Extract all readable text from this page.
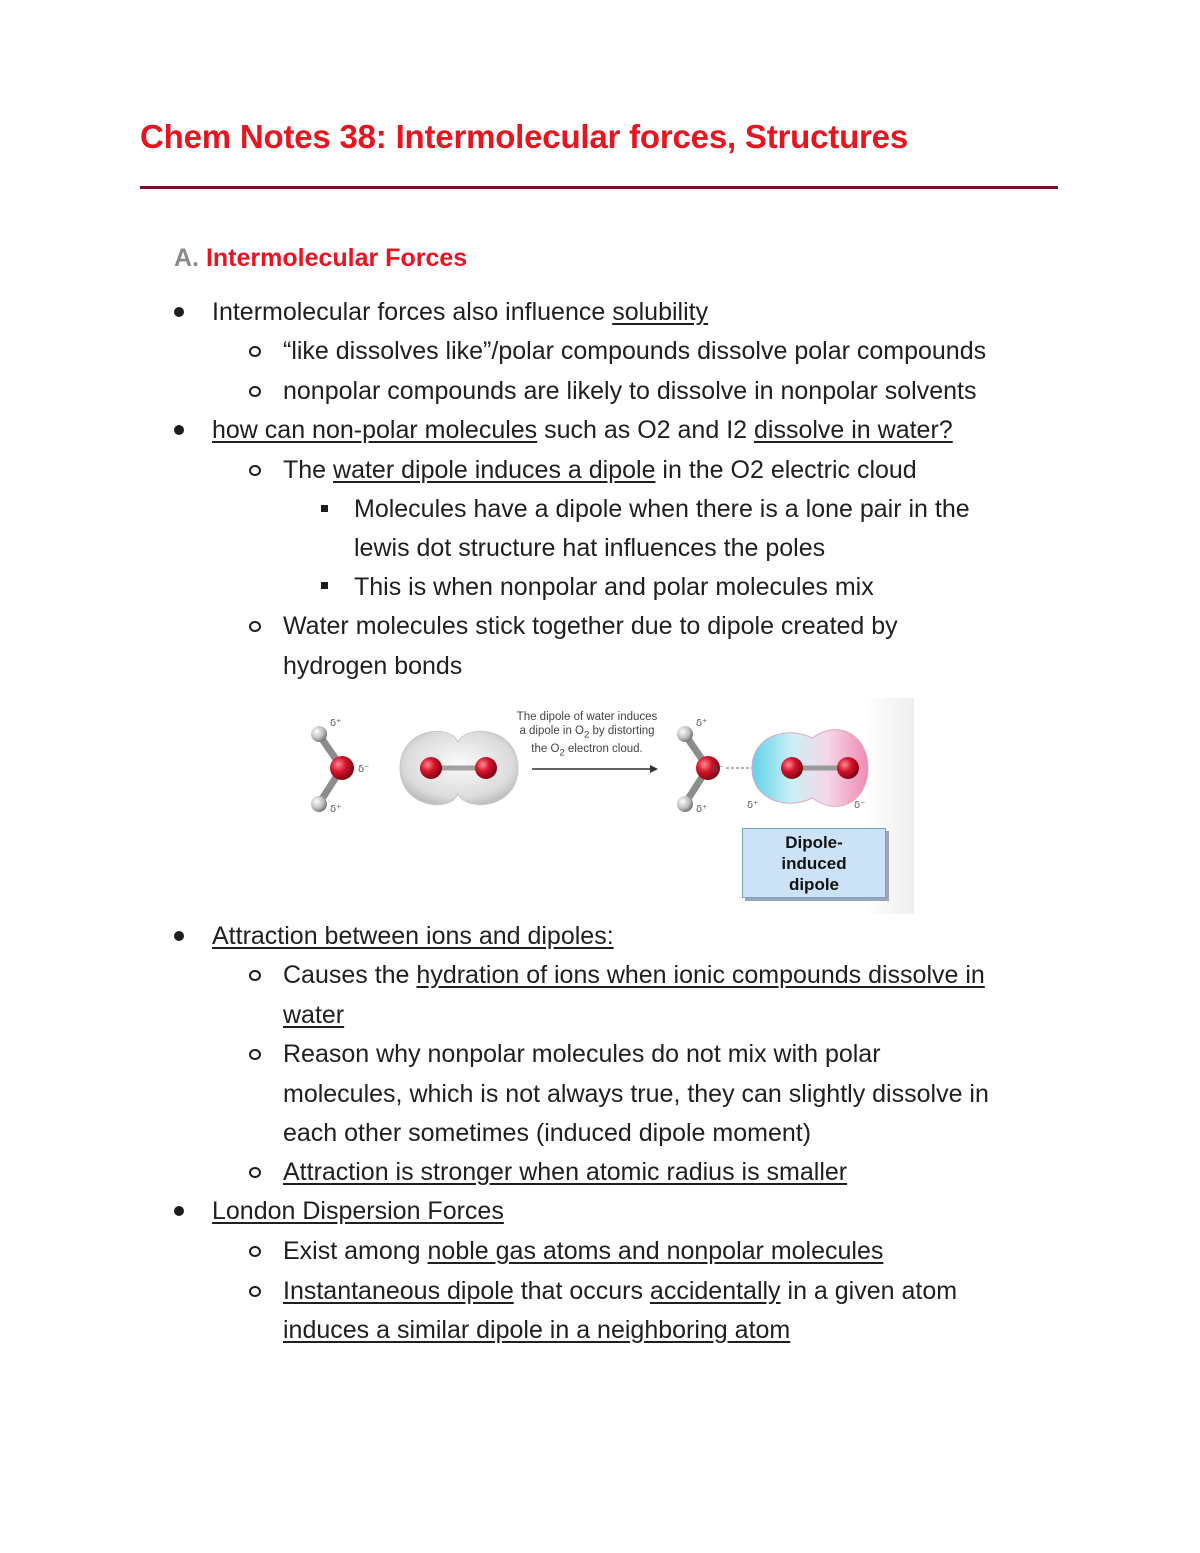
Chem Notes 38: Intermolecular forces, Structures
A. Intermolecular Forces
Intermolecular forces also influence solubility
“like dissolves like”/polar compounds dissolve polar compounds
nonpolar compounds are likely to dissolve in nonpolar solvents
how can non-polar molecules such as O2 and I2 dissolve in water?
The water dipole induces a dipole in the O2 electric cloud
Molecules have a dipole when there is a lone pair in the
lewis dot structure hat influences the poles
This is when nonpolar and polar molecules mix
Water molecules stick together due to dipole created by
hydrogen bonds
δ⁺
δ⁻
δ⁺
δ⁺
δ⁻
δ⁺	δ⁺	δ⁻
The dipole of water induces
a dipole in $O_2$ by distorting
the $O_2$ electron cloud.
Dipole-
induced
dipole
Attraction between ions and dipoles:
Causes the hydration of ions when ionic compounds dissolve in
water
Reason why nonpolar molecules do not mix with polar
molecules, which is not always true, they can slightly dissolve in
each other sometimes (induced dipole moment)
Attraction is stronger when atomic radius is smaller
London Dispersion Forces
Exist among noble gas atoms and nonpolar molecules
Instantaneous dipole that occurs accidentally in a given atom
induces a similar dipole in a neighboring atom
